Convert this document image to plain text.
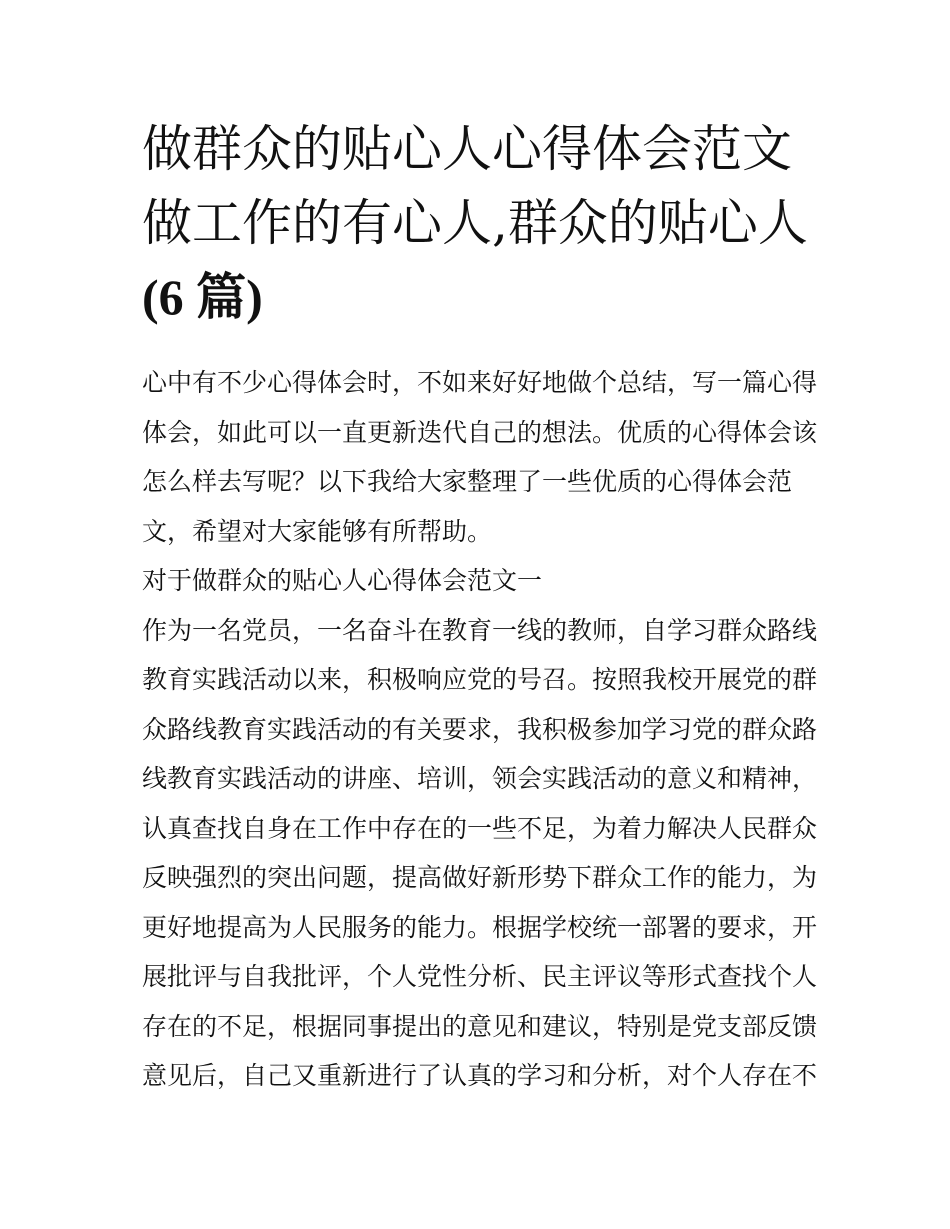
做群众的贴心人心得体会范文
做工作的有心人,群众的贴心人
(6 篇)
心中有不少心得体会时，不如来好好地做个总结，写一篇心得
体会，如此可以一直更新迭代自己的想法。优质的心得体会该
怎么样去写呢？以下我给大家整理了一些优质的心得体会范
文，希望对大家能够有所帮助。
对于做群众的贴心人心得体会范文一
作为一名党员，一名奋斗在教育一线的教师，自学习群众路线
教育实践活动以来，积极响应党的号召。按照我校开展党的群
众路线教育实践活动的有关要求，我积极参加学习党的群众路
线教育实践活动的讲座、培训，领会实践活动的意义和精神，
认真查找自身在工作中存在的一些不足，为着力解决人民群众
反映强烈的突出问题，提高做好新形势下群众工作的能力，为
更好地提高为人民服务的能力。根据学校统一部署的要求，开
展批评与自我批评，个人党性分析、民主评议等形式查找个人
存在的不足，根据同事提出的意见和建议，特别是党支部反馈
意见后，自己又重新进行了认真的学习和分析，对个人存在不
